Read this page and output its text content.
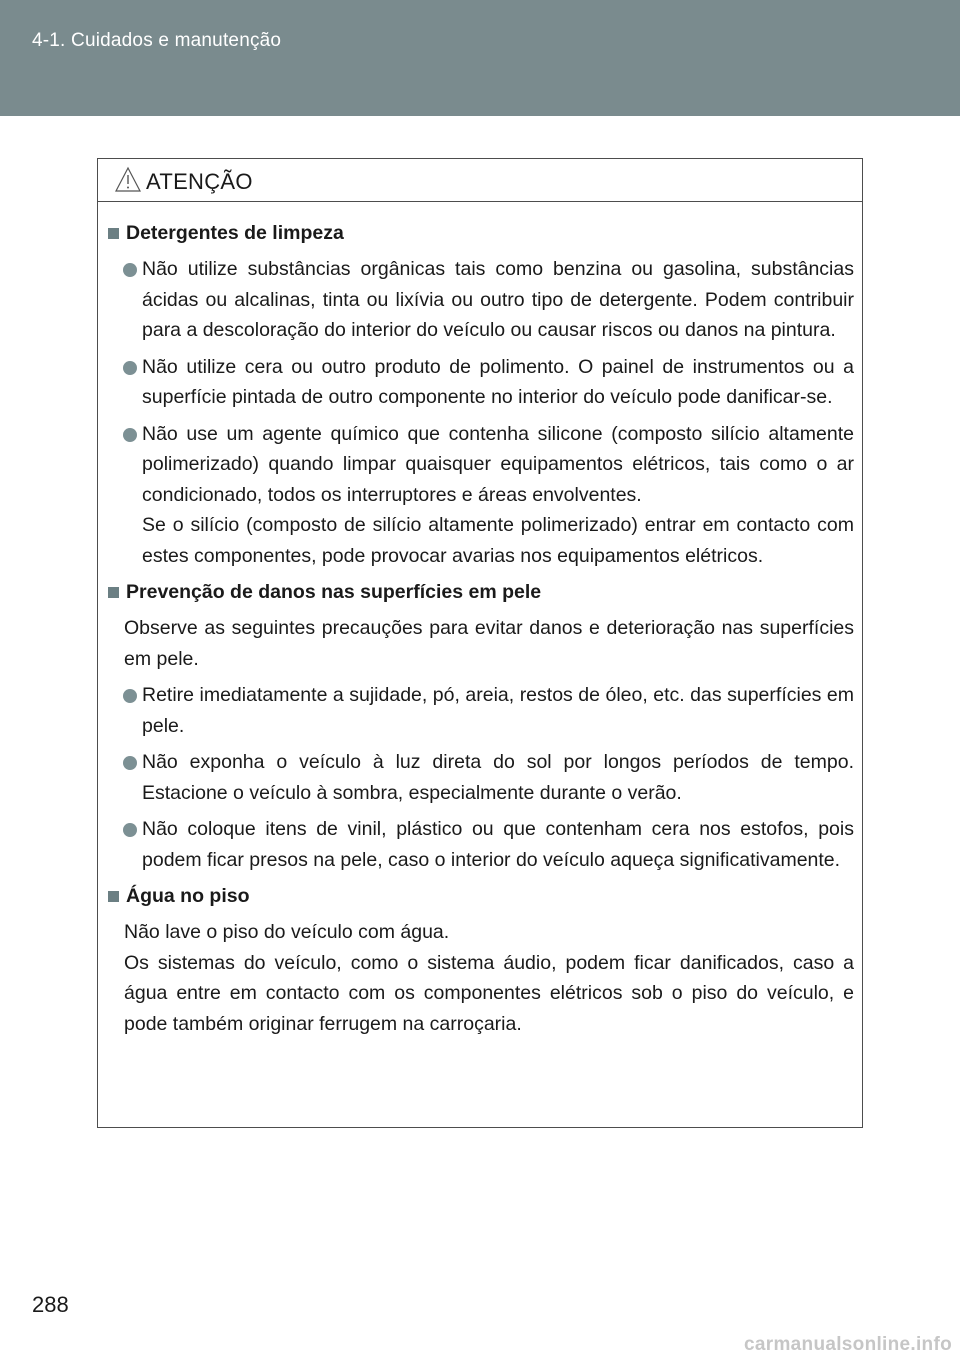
4-1. Cuidados e manutenção
ATENÇÃO
Detergentes de limpeza
Não utilize substâncias orgânicas tais como benzina ou gasolina, substâncias ácidas ou alcalinas, tinta ou lixívia ou outro tipo de detergente. Podem contribuir para a descoloração do interior do veículo ou causar riscos ou danos na pintura.
Não utilize cera ou outro produto de polimento. O painel de instrumentos ou a superfície pintada de outro componente no interior do veículo pode danificar-se.
Não use um agente químico que contenha silicone (composto silício altamente polimerizado) quando limpar quaisquer equipamentos elétricos, tais como o ar condicionado, todos os interruptores e áreas envolventes.
Se o silício (composto de silício altamente polimerizado) entrar em contacto com estes componentes, pode provocar avarias nos equipamentos elétricos.
Prevenção de danos nas superfícies em pele
Observe as seguintes precauções para evitar danos e deterioração nas superfícies em pele.
Retire imediatamente a sujidade, pó, areia, restos de óleo, etc. das superfícies em pele.
Não exponha o veículo à luz direta do sol por longos períodos de tempo. Estacione o veículo à sombra, especialmente durante o verão.
Não coloque itens de vinil, plástico ou que contenham cera nos estofos, pois podem ficar presos na pele, caso o interior do veículo aqueça significativamente.
Água no piso
Não lave o piso do veículo com água.
Os sistemas do veículo, como o sistema áudio, podem ficar danificados, caso a água entre em contacto com os componentes elétricos sob o piso do veículo, e pode também originar ferrugem na carroçaria.
288
carmanualsonline.info
